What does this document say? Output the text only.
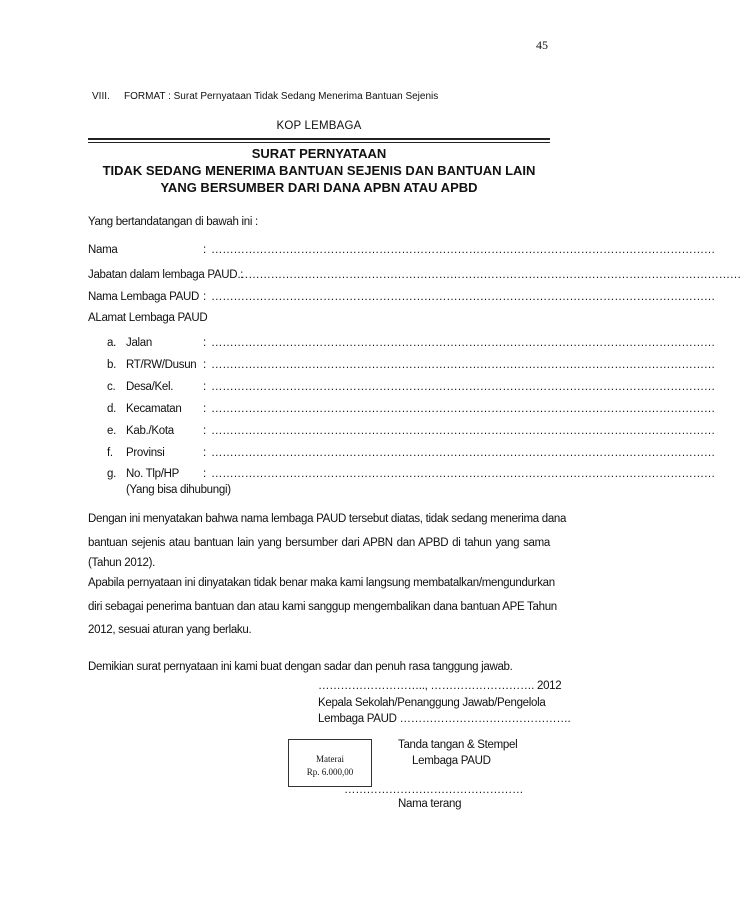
45
VIII. FORMAT : Surat Pernyataan Tidak Sedang Menerima Bantuan Sejenis
KOP LEMBAGA
SURAT PERNYATAAN
TIDAK SEDANG MENERIMA BANTUAN SEJENIS DAN BANTUAN LAIN
YANG BERSUMBER DARI DANA APBN ATAU APBD
Yang bertandatangan di bawah ini :
Nama	: ………………………………………………………………………………………………………………………
Jabatan dalam lembaga PAUD :
………………………………………………………………………………………………………………………
Nama Lembaga PAUD : ………………………………………………………………………………………………………………………
ALamat Lembaga PAUD
a. Jalan	: ………………………………………………………………………………………………………………………
b. RT/RW/Dusun : ………………………………………………………………………………………………………………………
c. Desa/Kel.	: ………………………………………………………………………………………………………………………
d. Kecamatan : ………………………………………………………………………………………………………………………
e. Kab./Kota	: ………………………………………………………………………………………………………………………
f. Provinsi	: ………………………………………………………………………………………………………………………
g. No. Tlp/HP : ………………………………………………………………………………………………………………………
(Yang bisa dihubungi)
Dengan ini menyatakan bahwa nama lembaga PAUD tersebut diatas, tidak sedang menerima dana
bantuan sejenis atau bantuan lain yang bersumber dari APBN dan APBD di tahun yang sama
(Tahun 2012).
Apabila pernyataan ini dinyatakan tidak benar maka kami langsung membatalkan/mengundurkan
diri sebagai penerima bantuan dan atau kami sanggup mengembalikan dana bantuan APE Tahun
2012, sesuai aturan yang berlaku.
Demikian surat pernyataan ini kami buat dengan sadar dan penuh rasa tanggung jawab.
……………………….., ………………………. 2012
Kepala Sekolah/Penanggung Jawab/Pengelola
Lembaga PAUD ……………………………………….
Tanda tangan & Stempel
Lembaga PAUD
Materai
Rp. 6.000,00
…………………………………………
Nama terang
